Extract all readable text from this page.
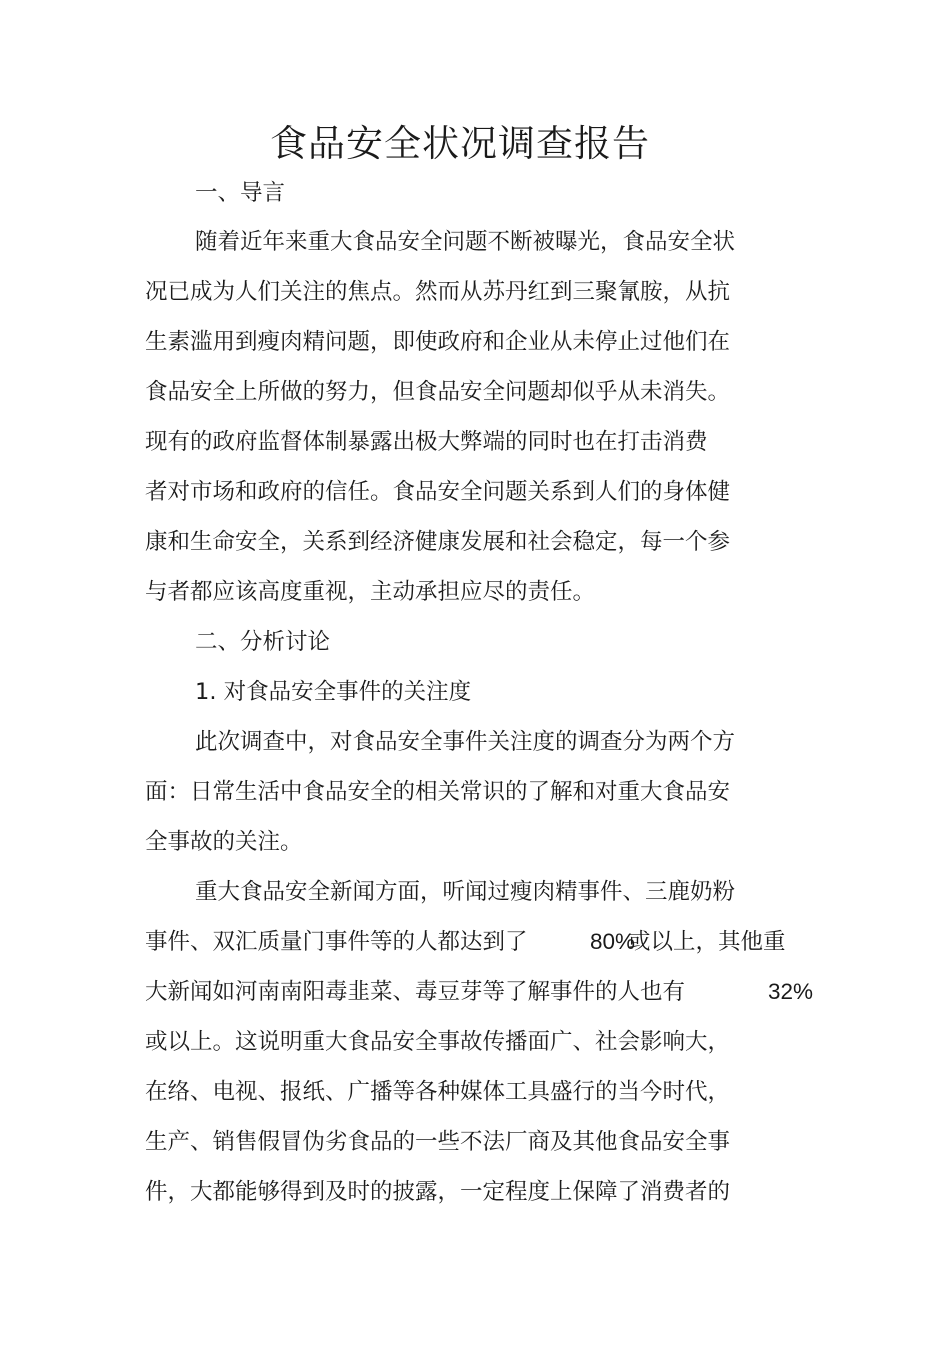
食品安全状况调查报告
一、导言
随着近年来重大食品安全问题不断被曝光，食品安全状
况已成为人们关注的焦点。然而从苏丹红到三聚氰胺，从抗
生素滥用到瘦肉精问题，即使政府和企业从未停止过他们在
食品安全上所做的努力，但食品安全问题却似乎从未消失。
现有的政府监督体制暴露出极大弊端的同时也在打击消费
者对市场和政府的信任。食品安全问题关系到人们的身体健
康和生命安全，关系到经济健康发展和社会稳定，每一个参
与者都应该高度重视，主动承担应尽的责任。
二、分析讨论
1. 对食品安全事件的关注度
此次调查中，对食品安全事件关注度的调查分为两个方
面：日常生活中食品安全的相关常识的了解和对重大食品安
全事故的关注。
重大食品安全新闻方面，听闻过瘦肉精事件、三鹿奶粉
事件、双汇质量门事件等的人都达到了	80%
或以上，其他重
大新闻如河南南阳毒韭菜、毒豆芽等了解事件的人也有	32%
或以上。这说明重大食品安全事故传播面广、社会影响大，
在络、电视、报纸、广播等各种媒体工具盛行的当今时代，
生产、销售假冒伪劣食品的一些不法厂商及其他食品安全事
件，大都能够得到及时的披露，一定程度上保障了消费者的
